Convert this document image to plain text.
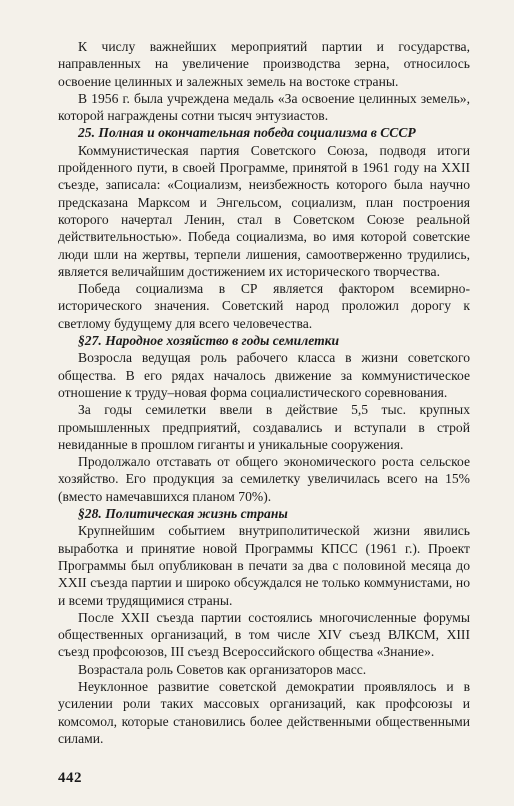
К числу важнейших мероприятий партии и государства, направленных на увеличение производства зерна, относилось освоение целинных и залежных земель на востоке страны.

В 1956 г. была учреждена медаль «За освоение целинных земель», которой награждены сотни тысяч энтузиастов.

25. Полная и окончательная победа социализма в СССР

Коммунистическая партия Советского Союза, подводя итоги пройденного пути, в своей Программе, принятой в 1961 году на XXII съезде, записала: «Социализм, неизбежность которого была научно предсказана Марксом и Энгельсом, социализм, план построения которого начертал Ленин, стал в Советском Союзе реальной действительностью». Победа социализма, во имя которой советские люди шли на жертвы, терпели лишения, самоотверженно трудились, является величайшим достижением их исторического творчества.

Победа социализма в СР является фактором всемирно-исторического значения. Советский народ проложил дорогу к светлому будущему для всего человечества.

§27. Народное хозяйство в годы семилетки

Возросла ведущая роль рабочего класса в жизни советского общества. В его рядах началось движение за коммунистическое отношение к труду–новая форма социалистического соревнования.

За годы семилетки ввели в действие 5,5 тыс. крупных промышленных предприятий, создавались и вступали в строй невиданные в прошлом гиганты и уникальные сооружения.

Продолжало отставать от общего экономического роста сельское хозяйство. Его продукция за семилетку увеличилась всего на 15% (вместо намечавшихся планом 70%).

§28. Политическая жизнь страны

Крупнейшим событием внутриполитической жизни явились выработка и принятие новой Программы КПСС (1961 г.). Проект Программы был опубликован в печати за два с половиной месяца до XXII съезда партии и широко обсуждался не только коммунистами, но и всеми трудящимися страны.

После XXII съезда партии состоялись многочисленные форумы общественных организаций, в том числе XIV съезд ВЛКСМ, XIII съезд профсоюзов, III съезд Всероссийского общества «Знание».

Возрастала роль Советов как организаторов масс.

Неуклонное развитие советской демократии проявлялось и в усилении роли таких массовых организаций, как профсоюзы и комсомол, которые становились более действенными общественными силами.

442
